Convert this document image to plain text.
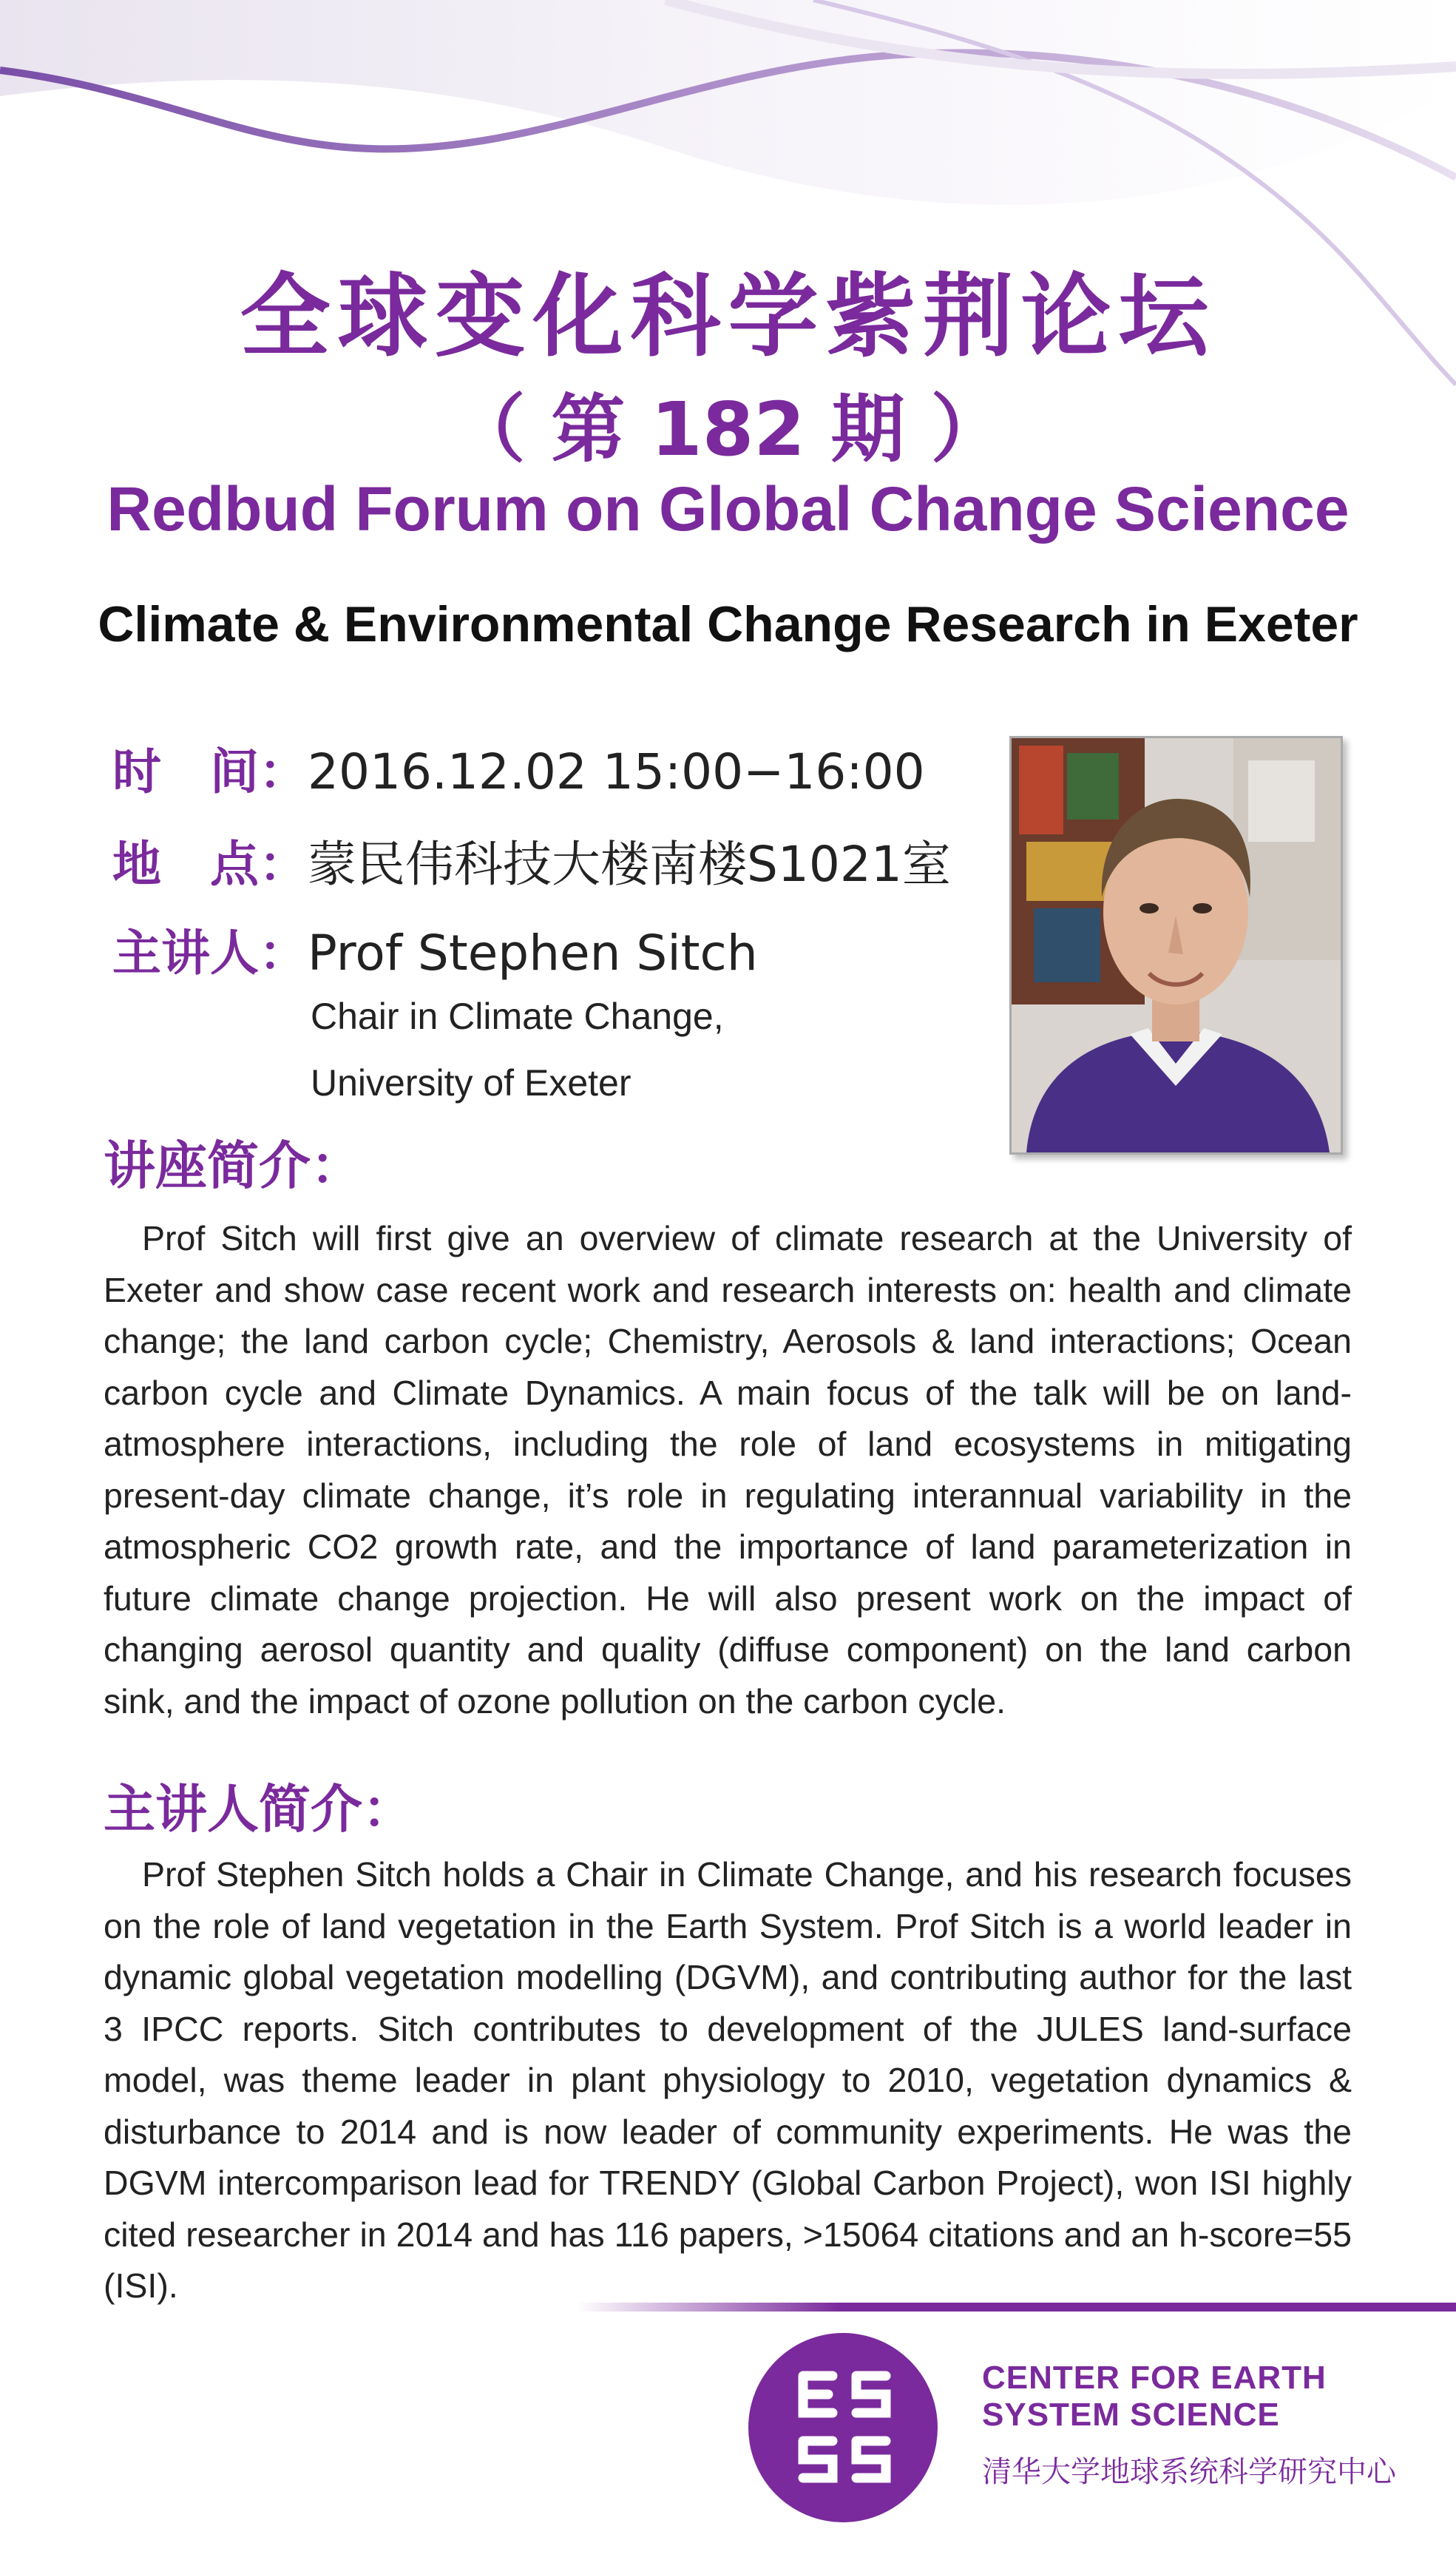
全球变化科学紫荆论坛
（ 第 182 期 ）
Redbud Forum on Global Change Science
Climate & Environmental Change Research in Exeter
时　间：2016.12.02 15:00−16:00
地　点：蒙民伟科技大楼南楼S1021室
主讲人：Prof Stephen Sitch
Chair in Climate Change,
University of Exeter
讲座简介：
Prof Sitch will first give an overview of climate research at the University of Exeter and show case recent work and research interests on: health and climate change; the land carbon cycle; Chemistry, Aerosols & land interactions; Ocean carbon cycle and Climate Dynamics. A main focus of the talk will be on land-atmosphere interactions, including the role of land ecosystems in mitigating present-day climate change, it’s role in regulating interannual variability in the atmospheric CO2 growth rate, and the importance of land parameterization in future climate change projection. He will also present work on the impact of changing aerosol quantity and quality (diffuse component) on the land carbon sink, and the impact of ozone pollution on the carbon cycle.
主讲人简介：
Prof Stephen Sitch holds a Chair in Climate Change, and his research focuses on the role of land vegetation in the Earth System. Prof Sitch is a world leader in dynamic global vegetation modelling (DGVM), and contributing author for the last 3 IPCC reports. Sitch contributes to development of the JULES land-surface model, was theme leader in plant physiology to 2010, vegetation dynamics & disturbance to 2014 and is now leader of community experiments. He was the DGVM intercomparison lead for TRENDY (Global Carbon Project), won ISI highly cited researcher in 2014 and has 116 papers, >15064 citations and an h-score=55 (ISI).
CENTER FOR EARTH
SYSTEM SCIENCE
清华大学地球系统科学研究中心
